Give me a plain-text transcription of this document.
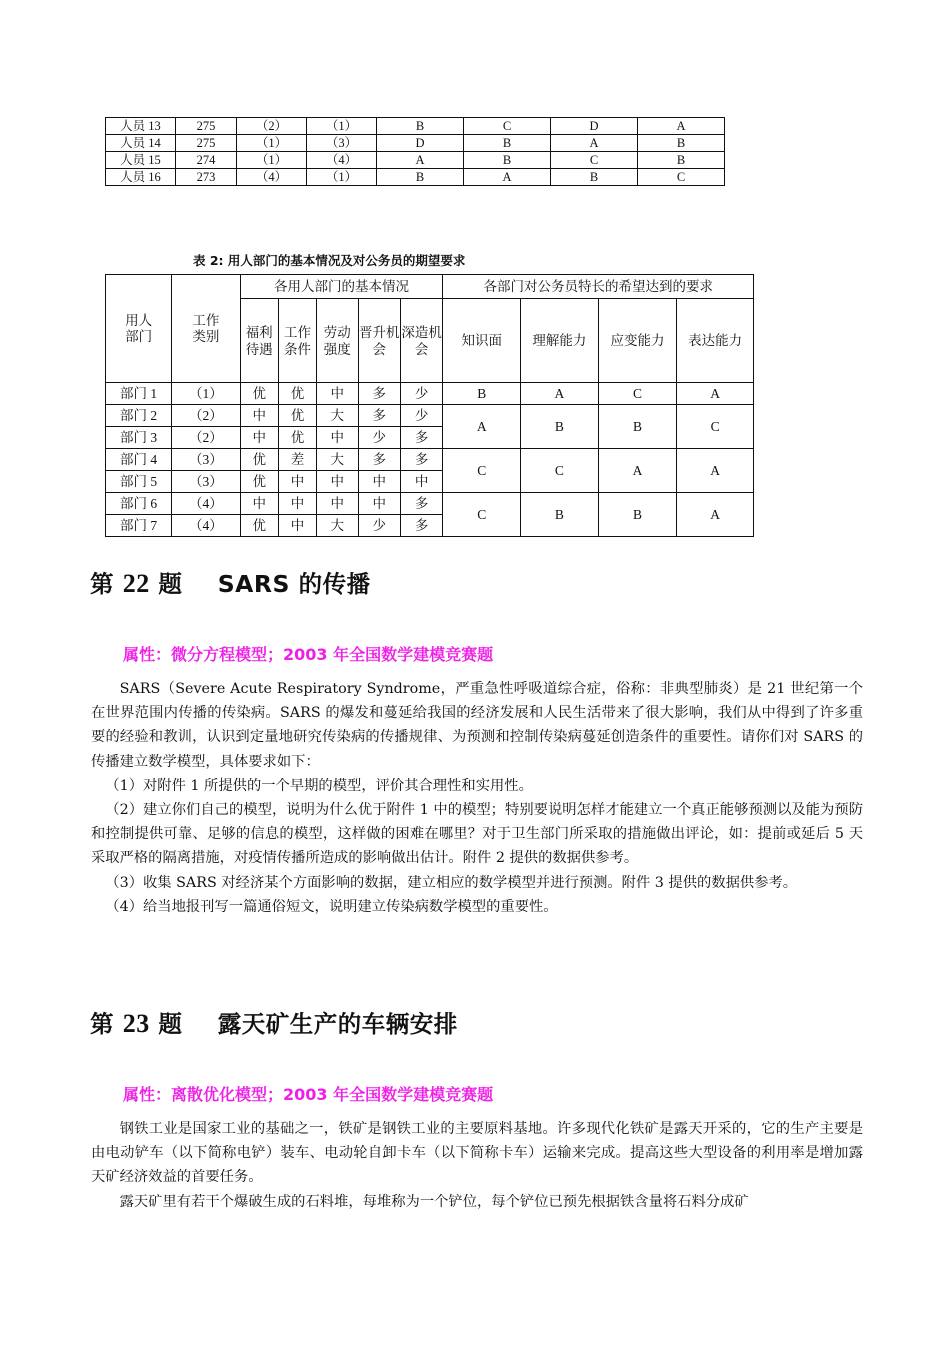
人员 13	275	（2）	（1）	B	C	D	A
人员 14	275	（1）	（3）	D	B	A	B
人员 15	274	（1）	（4）	A	B	C	B
人员 16	273	（4）	（1）	B	A	B	C
表 2: 用人部门的基本情况及对公务员的期望要求
用人部门	工作类别	各用人部门的基本情况					各部门对公务员特长的希望达到的要求			
		福利待遇	工作条件	劳动强度	晋升机会	深造机会	知识面	理解能力	应变能力	表达能力
部门 1	（1）	优	优	中	多	少	B	A	C	A
部门 2	（2）	中	优	大	多	少	A	B	B	C
部门 3	（2）	中	优	中	少	多				
部门 4	（3）	优	差	大	多	多	C	C	A	A
部门 5	（3）	优	中	中	中	中				
部门 6	（4）	中	中	中	中	多	C	B	B	A
部门 7	（4）	优	中	大	少	多				
第 22 题 SARS 的传播
属性：微分方程模型；2003 年全国数学建模竞赛题

SARS（Severe Acute Respiratory Syndrome，严重急性呼吸道综合症，俗称：非典型肺炎）是 21 世纪第一个在世界范围内传播的传染病。SARS 的爆发和蔓延给我国的经济发展和人民生活带来了很大影响，我们从中得到了许多重要的经验和教训，认识到定量地研究传染病的传播规律、为预测和控制传染病蔓延创造条件的重要性。请你们对 SARS 的传播建立数学模型，具体要求如下：

（1）对附件 1 所提供的一个早期的模型，评价其合理性和实用性。

（2）建立你们自己的模型，说明为什么优于附件 1 中的模型；特别要说明怎样才能建立一个真正能够预测以及能为预防和控制提供可靠、足够的信息的模型，这样做的困难在哪里？对于卫生部门所采取的措施做出评论，如：提前或延后 5 天采取严格的隔离措施，对疫情传播所造成的影响做出估计。附件 2 提供的数据供参考。

（3）收集 SARS 对经济某个方面影响的数据，建立相应的数学模型并进行预测。附件 3 提供的数据供参考。

（4）给当地报刊写一篇通俗短文，说明建立传染病数学模型的重要性。

第 23 题 露天矿生产的车辆安排
属性：离散优化模型；2003 年全国数学建模竞赛题

钢铁工业是国家工业的基础之一，铁矿是钢铁工业的主要原料基地。许多现代化铁矿是露天开采的，它的生产主要是由电动铲车（以下简称电铲）装车、电动轮自卸卡车（以下简称卡车）运输来完成。提高这些大型设备的利用率是增加露天矿经济效益的首要任务。

露天矿里有若干个爆破生成的石料堆，每堆称为一个铲位，每个铲位已预先根据铁含量将石料分成矿
